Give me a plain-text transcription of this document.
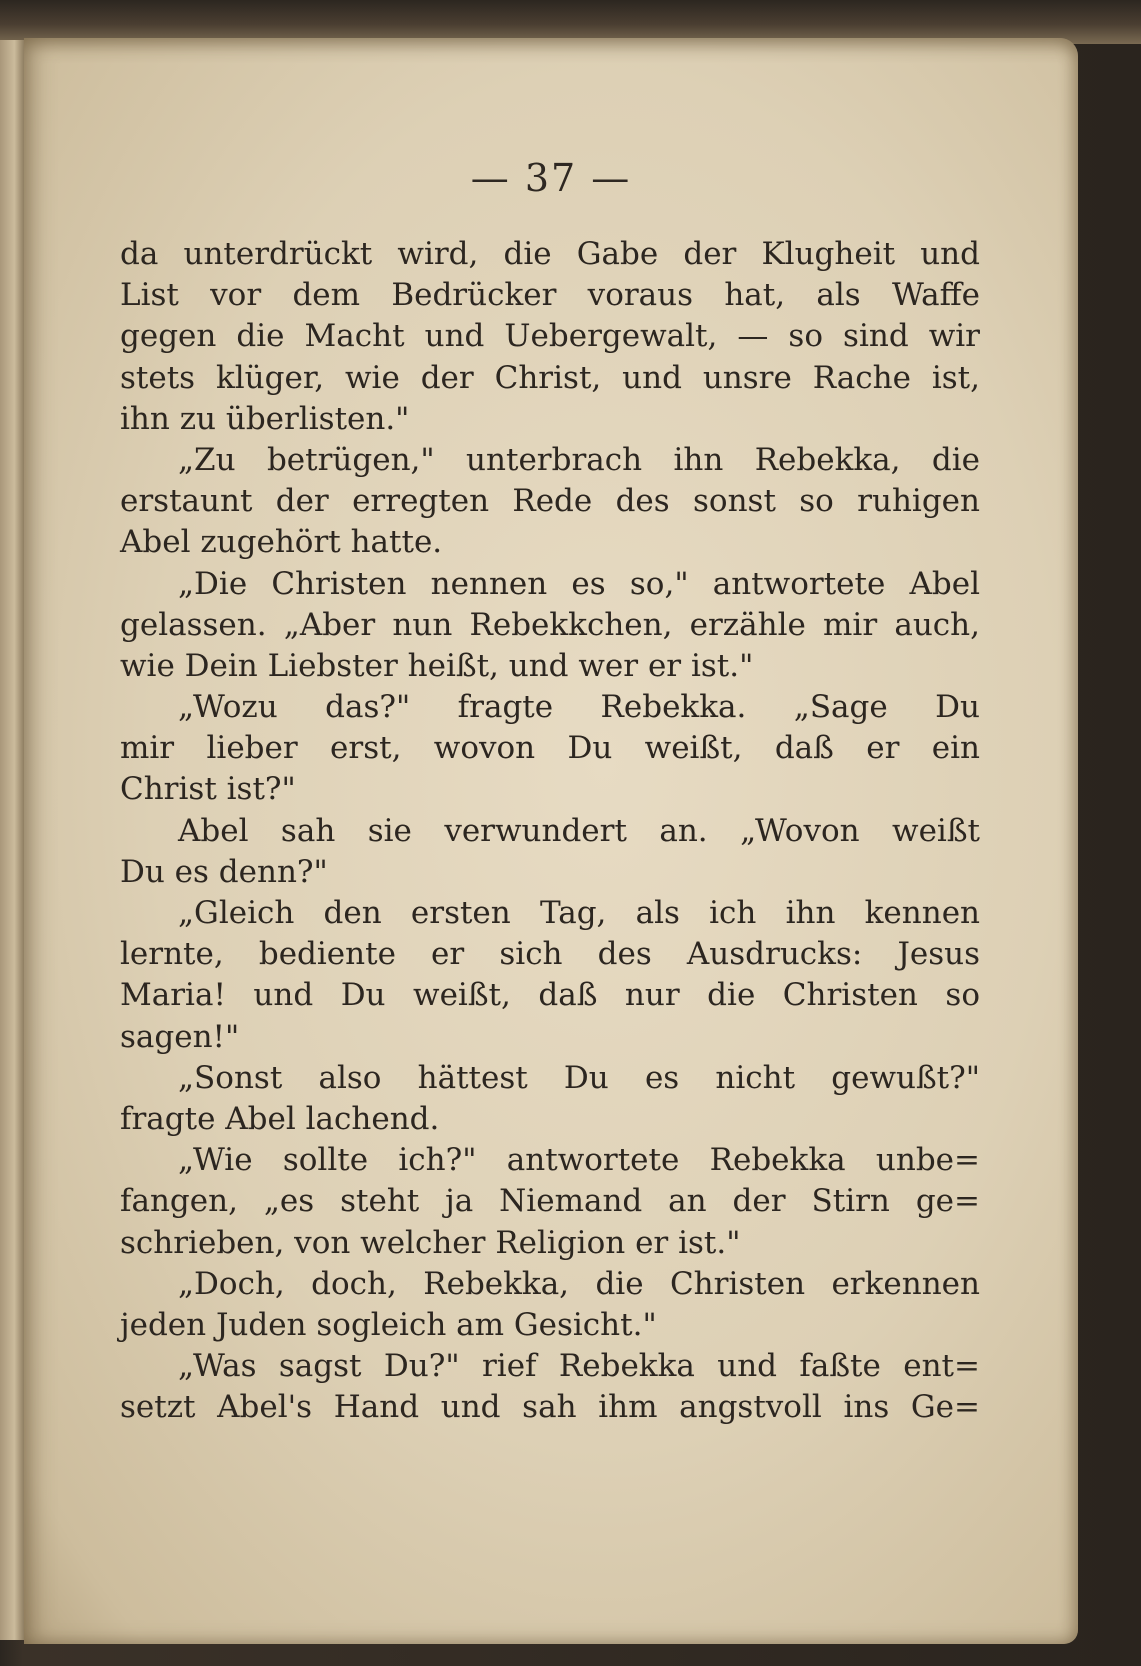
— 37 —
da unterdrückt wird, die Gabe der Klugheit und
List vor dem Bedrücker voraus hat, als Waffe
gegen die Macht und Uebergewalt, — so sind wir
stets klüger, wie der Christ, und unsre Rache ist,
ihn zu überlisten."
„Zu betrügen," unterbrach ihn Rebekka, die
erstaunt der erregten Rede des sonst so ruhigen
Abel zugehört hatte.
„Die Christen nennen es so," antwortete Abel
gelassen. „Aber nun Rebekkchen, erzähle mir auch,
wie Dein Liebster heißt, und wer er ist."
„Wozu das?" fragte Rebekka. „Sage Du
mir lieber erst, wovon Du weißt, daß er ein
Christ ist?"
Abel sah sie verwundert an. „Wovon weißt
Du es denn?"
„Gleich den ersten Tag, als ich ihn kennen
lernte, bediente er sich des Ausdrucks: Jesus
Maria! und Du weißt, daß nur die Christen so
sagen!"
„Sonst also hättest Du es nicht gewußt?"
fragte Abel lachend.
„Wie sollte ich?" antwortete Rebekka unbe=
fangen, „es steht ja Niemand an der Stirn ge=
schrieben, von welcher Religion er ist."
„Doch, doch, Rebekka, die Christen erkennen
jeden Juden sogleich am Gesicht."
„Was sagst Du?" rief Rebekka und faßte ent=
setzt Abel's Hand und sah ihm angstvoll ins Ge=
